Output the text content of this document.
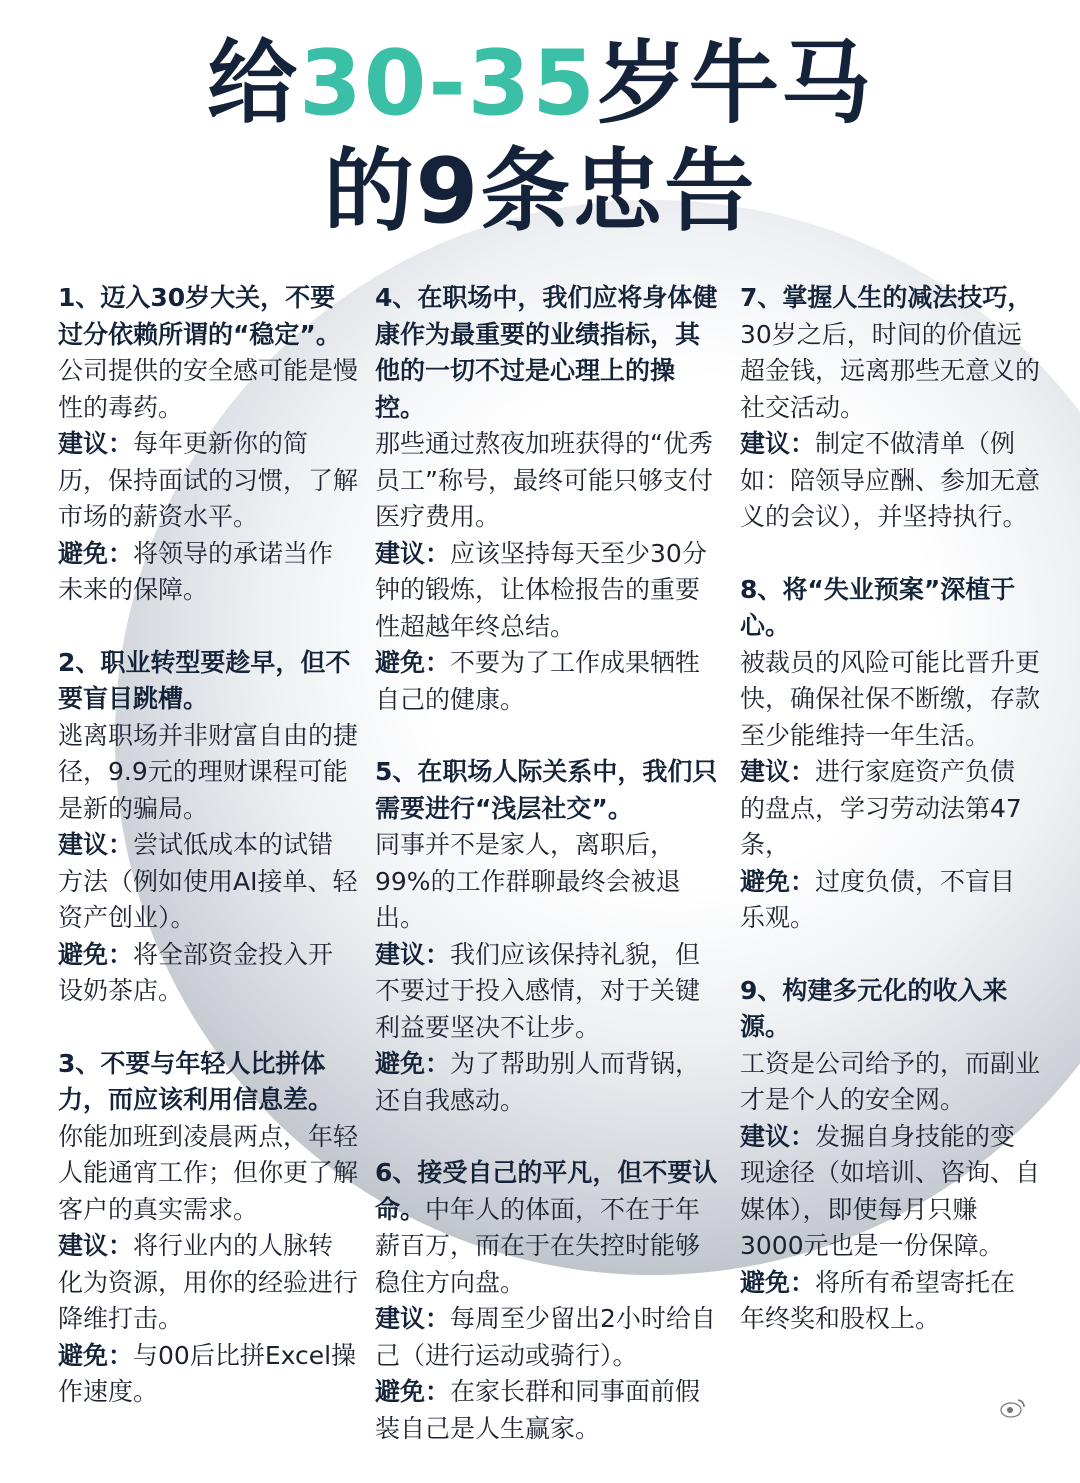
给30-35岁牛马
的9条忠告

1、迈入30岁大关，不要过分依赖所谓的“稳定”。

公司提供的安全感可能是慢性的毒药。

建议：每年更新你的简历，保持面试的习惯，了解市场的薪资水平。

避免：将领导的承诺当作未来的保障。

2、职业转型要趁早，但不要盲目跳槽。

逃离职场并非财富自由的捷径，9.9元的理财课程可能是新的骗局。

建议：尝试低成本的试错方法（例如使用AI接单、轻资产创业）。

避免：将全部资金投入开设奶茶店。

3、不要与年轻人比拼体力，而应该利用信息差。

你能加班到凌晨两点，年轻人能通宵工作；但你更了解客户的真实需求。

建议：将行业内的人脉转化为资源，用你的经验进行降维打击。

避免：与00后比拼Excel操作速度。

4、在职场中，我们应将身体健康作为最重要的业绩指标，其他的一切不过是心理上的操控。

那些通过熬夜加班获得的“优秀员工”称号，最终可能只够支付医疗费用。

建议：应该坚持每天至少30分钟的锻炼，让体检报告的重要性超越年终总结。

避免：不要为了工作成果牺牲自己的健康。

5、在职场人际关系中，我们只需要进行“浅层社交”。

同事并不是家人，离职后，99%的工作群聊最终会被退出。

建议：我们应该保持礼貌，但不要过于投入感情，对于关键利益要坚决不让步。

避免：为了帮助别人而背锅，还自我感动。

6、接受自己的平凡，但不要认命。中年人的体面，不在于年薪百万，而在于在失控时能够稳住方向盘。

建议：每周至少留出2小时给自己（进行运动或骑行）。

避免：在家长群和同事面前假装自己是人生赢家。

7、掌握人生的减法技巧，

30岁之后，时间的价值远超金钱，远离那些无意义的社交活动。

建议：制定不做清单（例如：陪领导应酬、参加无意义的会议），并坚持执行。

8、将“失业预案”深植于心。

被裁员的风险可能比晋升更快，确保社保不断缴，存款至少能维持一年生活。

建议：进行家庭资产负债的盘点，学习劳动法第47条，

避免：过度负债，不盲目乐观。

9、构建多元化的收入来源。

工资是公司给予的，而副业才是个人的安全网。

建议：发掘自身技能的变现途径（如培训、咨询、自媒体），即使每月只赚3000元也是一份保障。

避免：将所有希望寄托在年终奖和股权上。
